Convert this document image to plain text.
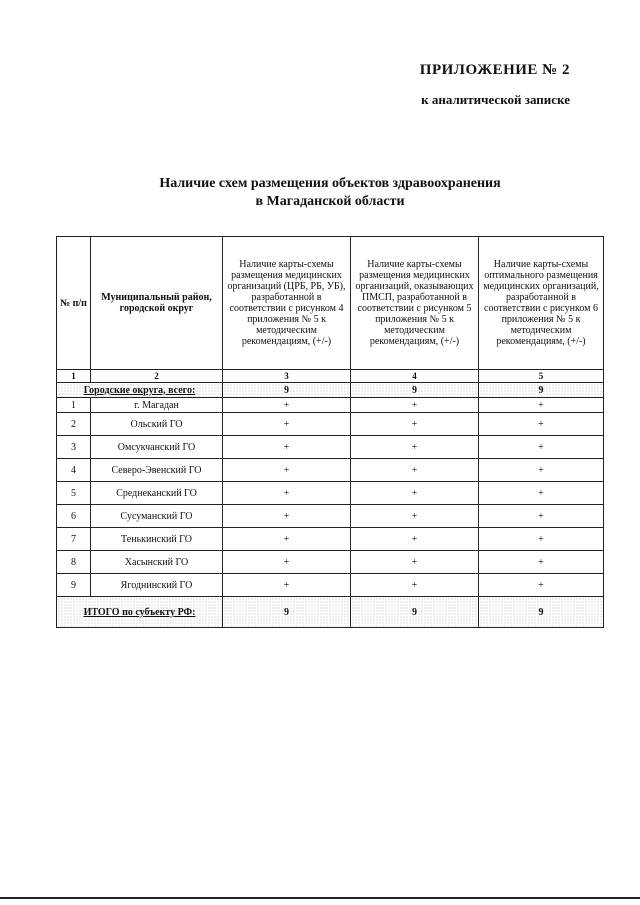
ПРИЛОЖЕНИЕ № 2
к аналитической записке
Наличие схем размещения объектов здравоохранения
в Магаданской области
№ п/п	Муниципальный район, городской округ	Наличие карты-схемы размещения медицинских организаций (ЦРБ, РБ, УБ), разработанной в соответствии с рисунком 4 приложения № 5 к методическим рекомендациям, (+/-)	Наличие карты-схемы размещения медицинских организаций, оказывающих ПМСП, разработанной в соответствии с рисунком 5 приложения № 5 к методическим рекомендациям, (+/-)	Наличие карты-схемы оптимального размещения медицинских организаций, разработанной в соответствии с рисунком 6 приложения № 5 к методическим рекомендациям, (+/-)
1	2	3	4	5
Городские округа, всего:		9	9	9
1	г. Магадан	+	+	+
2	Ольский ГО	+	+	+
3	Омсукчанский ГО	+	+	+
4	Северо-Эвенский ГО	+	+	+
5	Среднеканский ГО	+	+	+
6	Сусуманский ГО	+	+	+
7	Тенькинский ГО	+	+	+
8	Хасынский ГО	+	+	+
9	Ягоднинский ГО	+	+	+
ИТОГО по субъекту РФ:		9	9	9
